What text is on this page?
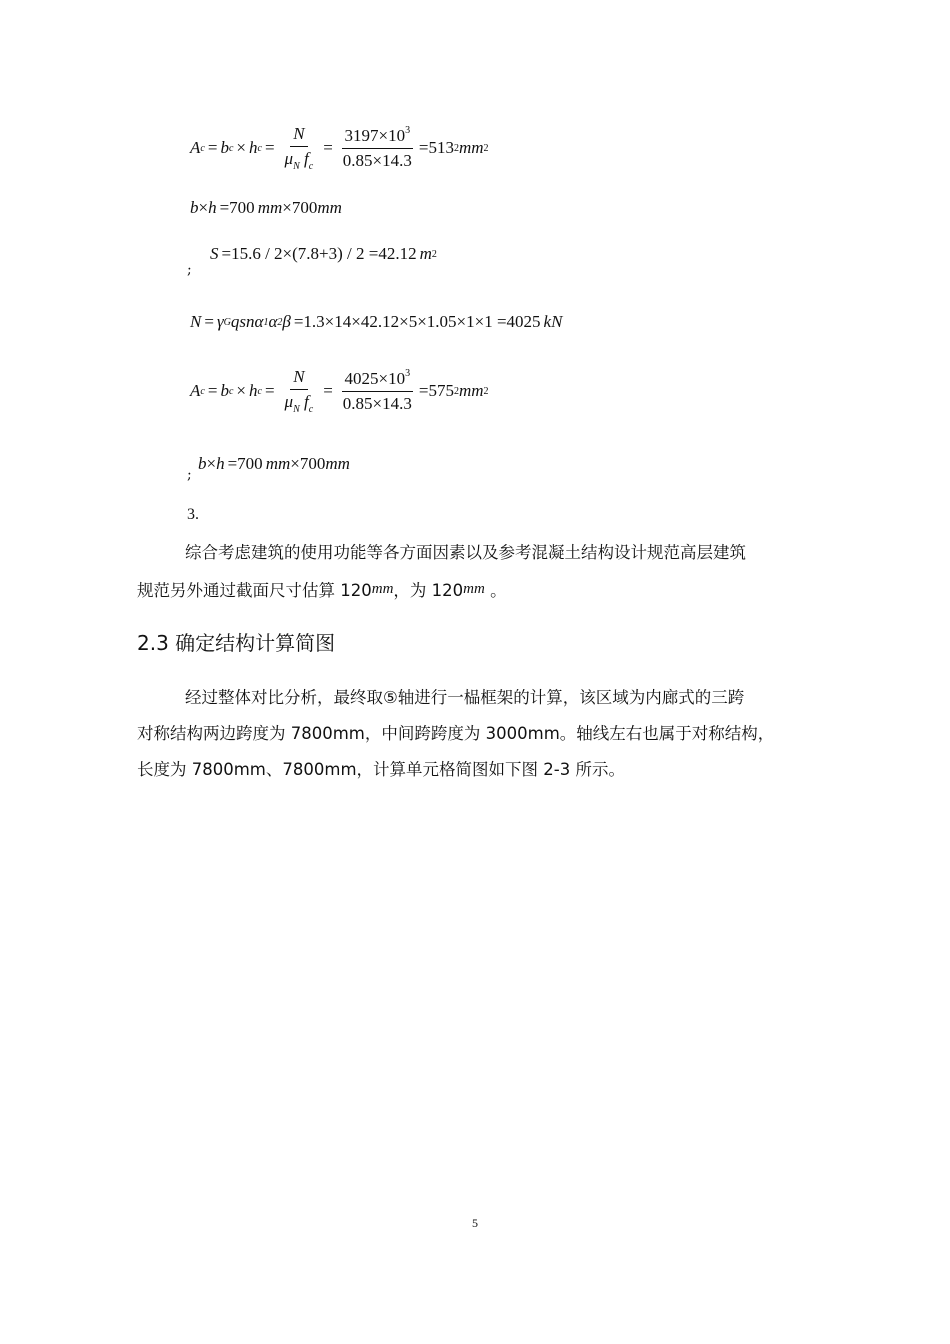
A c = b c × h $c = \frac{N}{\mu_N f_c} = \frac{3197\times 10^3}{0.85\times 14.3} =513$ 2 mm 2
b × h =700 mm × 700 mm
;
S =15.6 / 2×(7.8+3) / 2 =42.12 m 2
N = γ G qsn α 1 α 2 β =1.3×14×42.12×5×1.05×1×1 =4025 kN
A c = b c × h $c = \frac{N}{\mu_N f_c} = \frac{4025\times 10^3}{0.85\times 14.3} =575$ 2 mm 2
;
b × h =700 mm × 700 mm
3.
综合考虑建筑的使用功能等各方面因素以及参考混凝土结构设计规范高层建筑
规范另外通过截面尺寸估算 120mm，为 120mm 。
2.3 确定结构计算简图
经过整体对比分析，最终取⑤轴进行一榀框架的计算，该区域为内廊式的三跨
对称结构两边跨度为 7800mm，中间跨跨度为 3000mm。轴线左右也属于对称结构，
长度为 7800mm、7800mm，计算单元格简图如下图 2-3 所示。
5
